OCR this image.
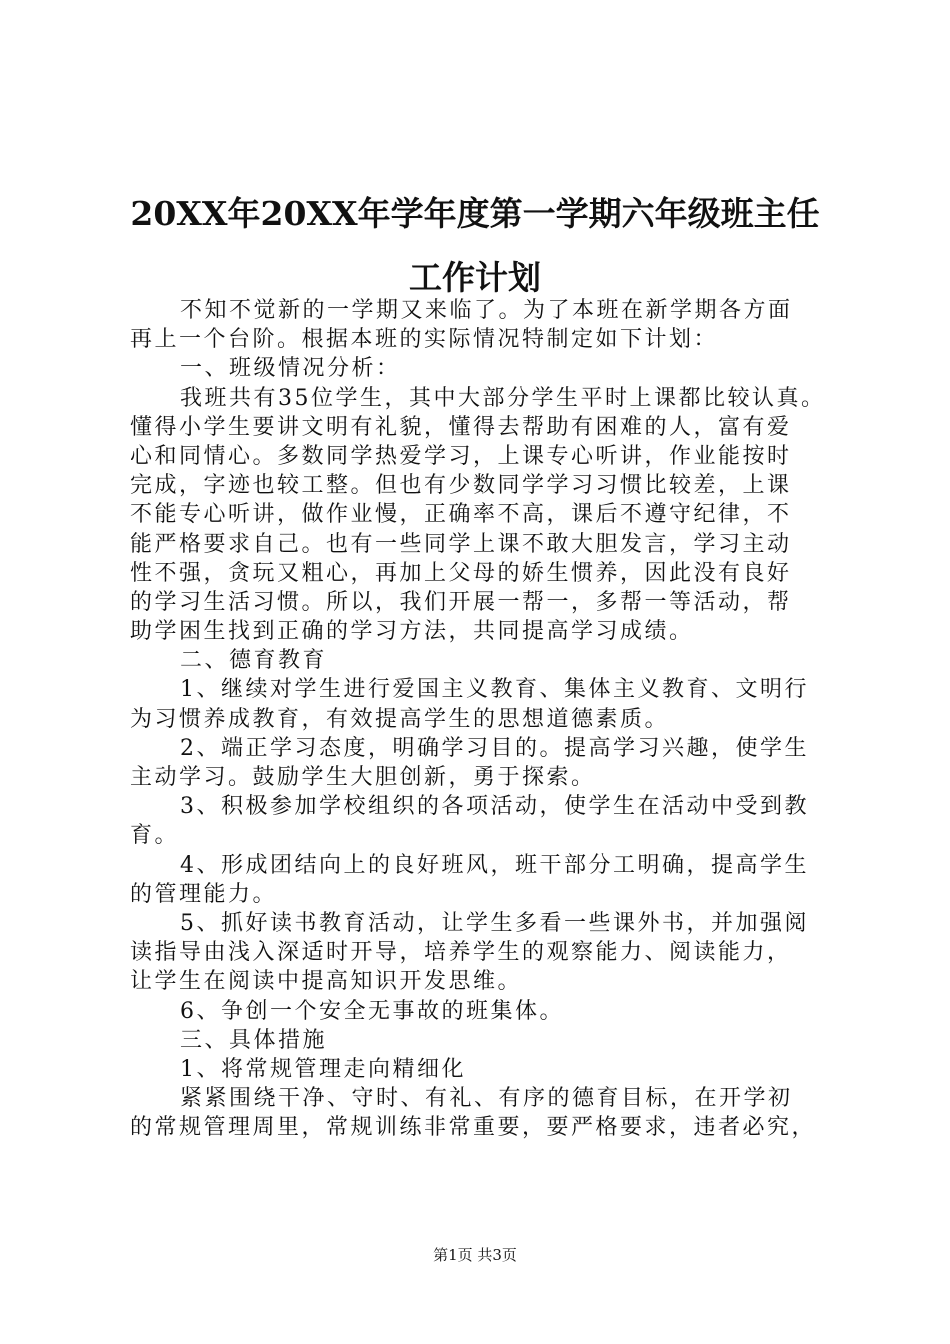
20XX年20XX年学年度第一学期六年级班主任
工作计划
不知不觉新的一学期又来临了。为了本班在新学期各方面
再上一个台阶。根据本班的实际情况特制定如下计划：
一、班级情况分析：
我班共有35位学生，其中大部分学生平时上课都比较认真。
懂得小学生要讲文明有礼貌，懂得去帮助有困难的人，富有爱
心和同情心。多数同学热爱学习，上课专心听讲，作业能按时
完成，字迹也较工整。但也有少数同学学习习惯比较差，上课
不能专心听讲，做作业慢，正确率不高，课后不遵守纪律，不
能严格要求自己。也有一些同学上课不敢大胆发言，学习主动
性不强，贪玩又粗心，再加上父母的娇生惯养，因此没有良好
的学习生活习惯。所以，我们开展一帮一，多帮一等活动，帮
助学困生找到正确的学习方法，共同提高学习成绩。
二、德育教育
1、继续对学生进行爱国主义教育、集体主义教育、文明行
为习惯养成教育，有效提高学生的思想道德素质。
2、端正学习态度，明确学习目的。提高学习兴趣，使学生
主动学习。鼓励学生大胆创新，勇于探索。
3、积极参加学校组织的各项活动，使学生在活动中受到教
育。
4、形成团结向上的良好班风，班干部分工明确，提高学生
的管理能力。
5、抓好读书教育活动，让学生多看一些课外书，并加强阅
读指导由浅入深适时开导，培养学生的观察能力、阅读能力，
让学生在阅读中提高知识开发思维。
6、争创一个安全无事故的班集体。
三、具体措施
1、将常规管理走向精细化
紧紧围绕干净、守时、有礼、有序的德育目标，在开学初
的常规管理周里，常规训练非常重要，要严格要求，违者必究，
第1页 共3页
